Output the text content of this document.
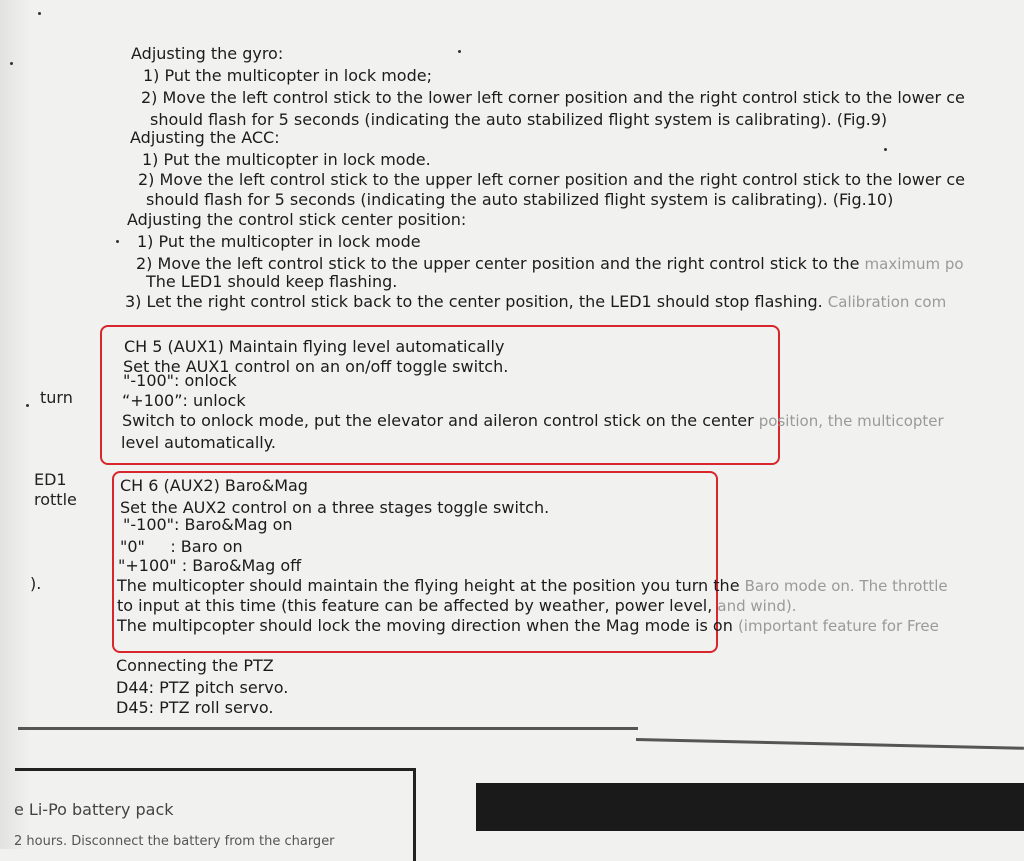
Adjusting the gyro:
1) Put the multicopter in lock mode;
2) Move the left control stick to the lower left corner position and the right control stick to the lower ce
should flash for 5 seconds (indicating the auto stabilized flight system is calibrating). (Fig.9)
Adjusting the ACC:
1) Put the multicopter in lock mode.
2) Move the left control stick to the upper left corner position and the right control stick to the lower ce
should flash for 5 seconds (indicating the auto stabilized flight system is calibrating). (Fig.10)
Adjusting the control stick center position:
1) Put the multicopter in lock mode
2) Move the left control stick to the upper center position and the right control stick to the maximum po
The LED1 should keep flashing.
3) Let the right control stick back to the center position, the LED1 should stop flashing. Calibration com
turn
ED1
rottle
).
CH 5 (AUX1) Maintain flying level automatically
Set the AUX1 control on an on/off toggle switch.
"-100": onlock
“+100”: unlock
Switch to onlock mode, put the elevator and aileron control stick on the center position, the multicopter
level automatically.
CH 6 (AUX2) Baro&Mag
Set the AUX2 control on a three stages toggle switch.
"-100": Baro&Mag on
"0"     : Baro on
"+100" : Baro&Mag off
The multicopter should maintain the flying height at the position you turn the Baro mode on. The throttle
to input at this time (this feature can be affected by weather, power level, and wind).
The multipcopter should lock the moving direction when the Mag mode is on (important feature for Free
Connecting the PTZ
D44: PTZ pitch servo.
D45: PTZ roll servo.
e Li-Po battery pack
2 hours. Disconnect the battery from the charger
